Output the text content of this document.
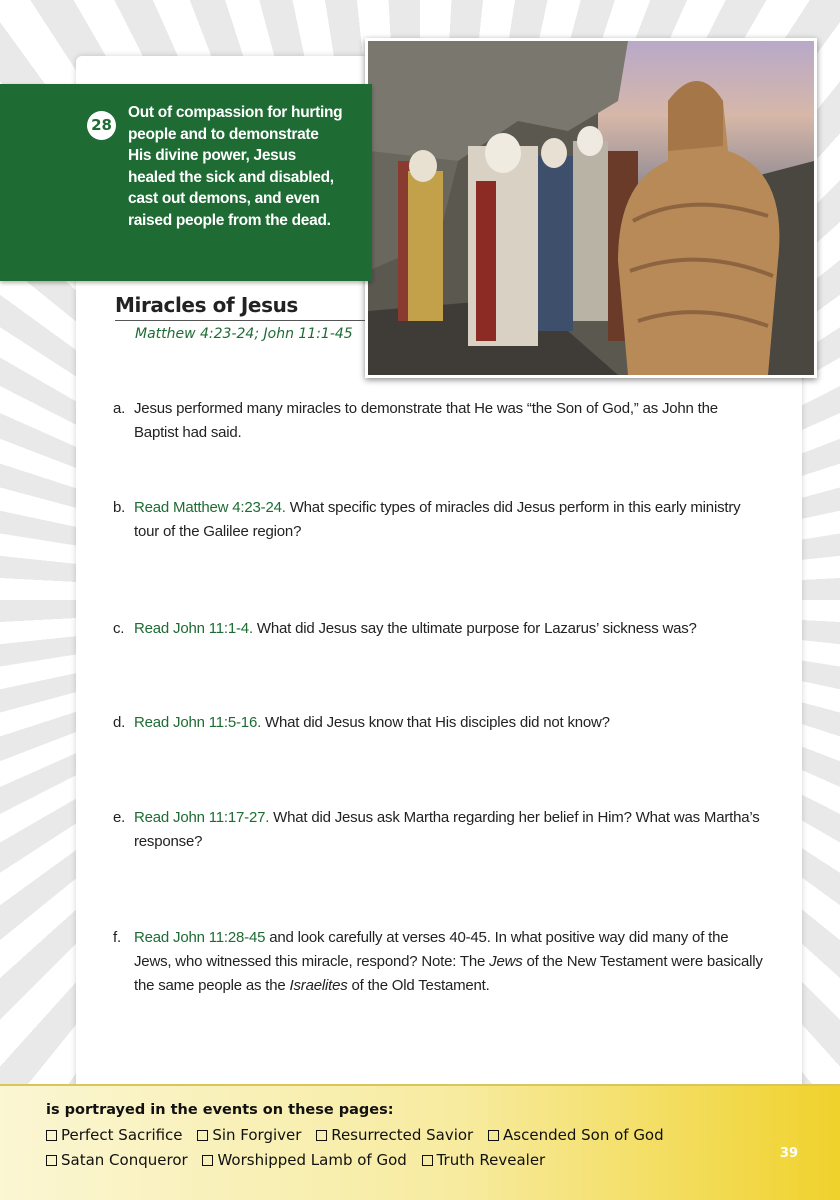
28
Out of compassion for hurting
people and to demonstrate
His divine power, Jesus
healed the sick and disabled,
cast out demons, and even
raised people from the dead.
Miracles of Jesus
Matthew 4:23-24; John 11:1-45
a. Jesus performed many miracles to demonstrate that He was “the Son of God,” as John the
Baptist had said.
b. Read Matthew 4:23-24. What specific types of miracles did Jesus perform in this early ministry
tour of the Galilee region?
c. Read John 11:1-4. What did Jesus say the ultimate purpose for Lazarus’ sickness was?
d. Read John 11:5-16. What did Jesus know that His disciples did not know?
e. Read John 11:17-27. What did Jesus ask Martha regarding her belief in Him? What was Martha’s
response?
f. Read John 11:28-45 and look carefully at verses 40-45. In what positive way did many of the
Jews, who witnessed this miracle, respond? Note: The Jews of the New Testament were basically
the same people as the Israelites of the Old Testament.
is portrayed in the events on these pages:
Perfect Sacrifice Sin Forgiver Resurrected Savior Ascended Son of God
Satan Conqueror Worshipped Lamb of God Truth Revealer	39
